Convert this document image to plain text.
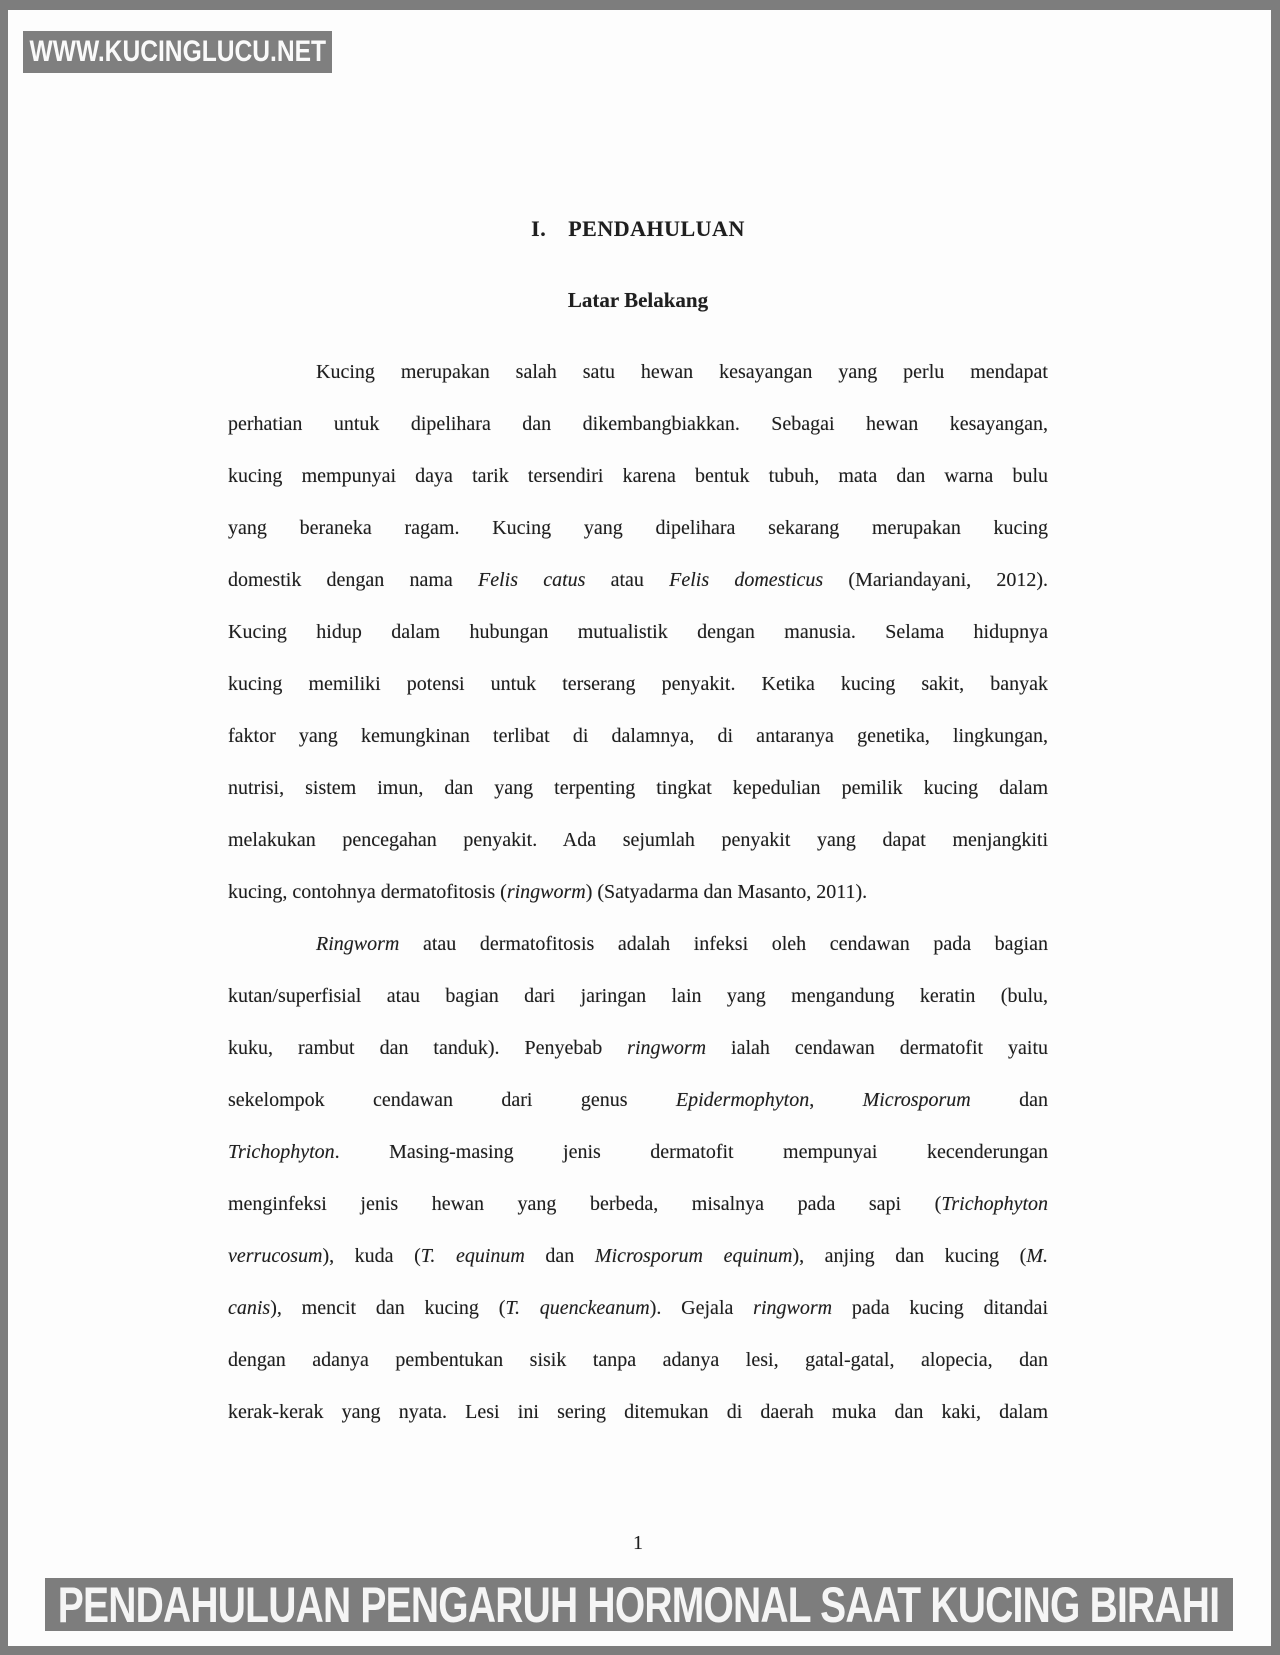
WWW.KUCINGLUCU.NET
I. PENDAHULUAN
Latar Belakang
Kucing merupakan salah satu hewan kesayangan yang perlu mendapat
perhatian untuk dipelihara dan dikembangbiakkan. Sebagai hewan kesayangan,
kucing mempunyai daya tarik tersendiri karena bentuk tubuh, mata dan warna bulu
yang beraneka ragam. Kucing yang dipelihara sekarang merupakan kucing
domestik dengan nama Felis catus atau Felis domesticus (Mariandayani, 2012).
Kucing hidup dalam hubungan mutualistik dengan manusia. Selama hidupnya
kucing memiliki potensi untuk terserang penyakit. Ketika kucing sakit, banyak
faktor yang kemungkinan terlibat di dalamnya, di antaranya genetika, lingkungan,
nutrisi, sistem imun, dan yang terpenting tingkat kepedulian pemilik kucing dalam
melakukan pencegahan penyakit. Ada sejumlah penyakit yang dapat menjangkiti
kucing, contohnya dermatofitosis (ringworm) (Satyadarma dan Masanto, 2011).
Ringworm atau dermatofitosis adalah infeksi oleh cendawan pada bagian
kutan/superfisial atau bagian dari jaringan lain yang mengandung keratin (bulu,
kuku, rambut dan tanduk). Penyebab ringworm ialah cendawan dermatofit yaitu
sekelompok cendawan dari genus Epidermophyton, Microsporum dan
Trichophyton. Masing-masing jenis dermatofit mempunyai kecenderungan
menginfeksi jenis hewan yang berbeda, misalnya pada sapi (Trichophyton
verrucosum), kuda (T. equinum dan Microsporum equinum), anjing dan kucing (M.
canis), mencit dan kucing (T. quenckeanum). Gejala ringworm pada kucing ditandai
dengan adanya pembentukan sisik tanpa adanya lesi, gatal-gatal, alopecia, dan
kerak-kerak yang nyata. Lesi ini sering ditemukan di daerah muka dan kaki, dalam
1
PENDAHULUAN PENGARUH HORMONAL SAAT KUCING BIRAHI
